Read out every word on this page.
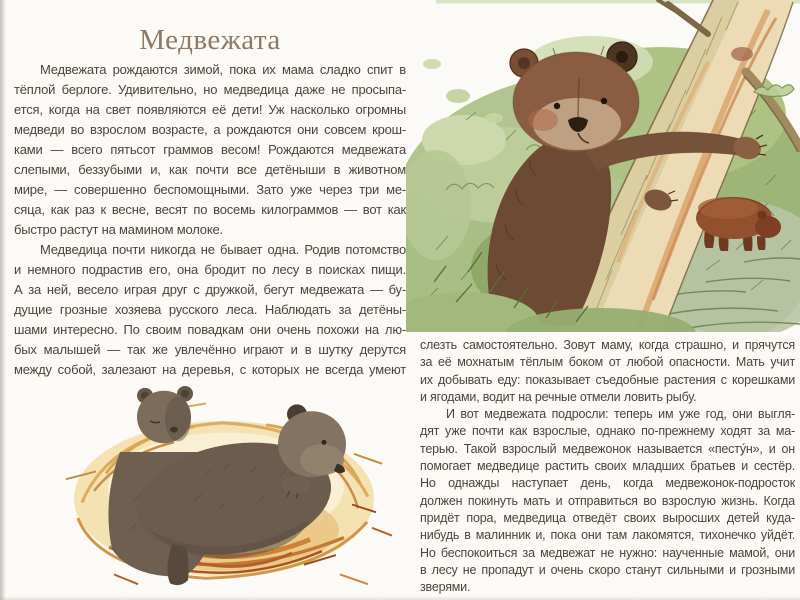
Медвежата
Медвежата рождаются зимой, пока их мама сладко спит в
тёплой берлоге. Удивительно, но медведица даже не просыпа-
ется, когда на свет появляются её дети! Уж насколько огромны
медведи во взрослом возрасте, а рождаются они совсем крош-
ками — всего пятьсот граммов весом! Рождаются медвежата
слепыми, беззубыми и, как почти все детёныши в животном
мире, — совершенно беспомощными. Зато уже через три ме-
сяца, как раз к весне, весят по восемь килограммов — вот как
быстро растут на мамином молоке.
Медведица почти никогда не бывает одна. Родив потомство
и немного подрастив его, она бродит по лесу в поисках пищи.
А за ней, весело играя друг с дружкой, бегут медвежата — бу-
дущие грозные хозяева русского леса. Наблюдать за детёны-
шами интересно. По своим повадкам они очень похожи на лю-
бых малышей — так же увлечённо играют и в шутку дерутся
между собой, залезают на деревья, с которых не всегда умеют
слезть самостоятельно. Зовут маму, когда страшно, и прячутся
за её мохнатым тёплым боком от любой опасности. Мать учит
их добывать еду: показывает съедобные растения с корешками
и ягодами, водит на речные отмели ловить рыбу.
И вот медвежата подросли: теперь им уже год, они выгля-
дят уже почти как взрослые, однако по-прежнему ходят за ма-
терью. Такой взрослый медвежонок называется «песту́н», и он
помогает медведице растить своих младших братьев и сестёр.
Но однажды наступает день, когда медвежонок-подросток
должен покинуть мать и отправиться во взрослую жизнь. Когда
придёт пора, медведица отведёт своих выросших детей куда-
нибудь в малинник и, пока они там лакомятся, тихонечко уйдёт.
Но беспокоиться за медвежат не нужно: наученные мамой, они
в лесу не пропадут и очень скоро станут сильными и грозными
зверями.
